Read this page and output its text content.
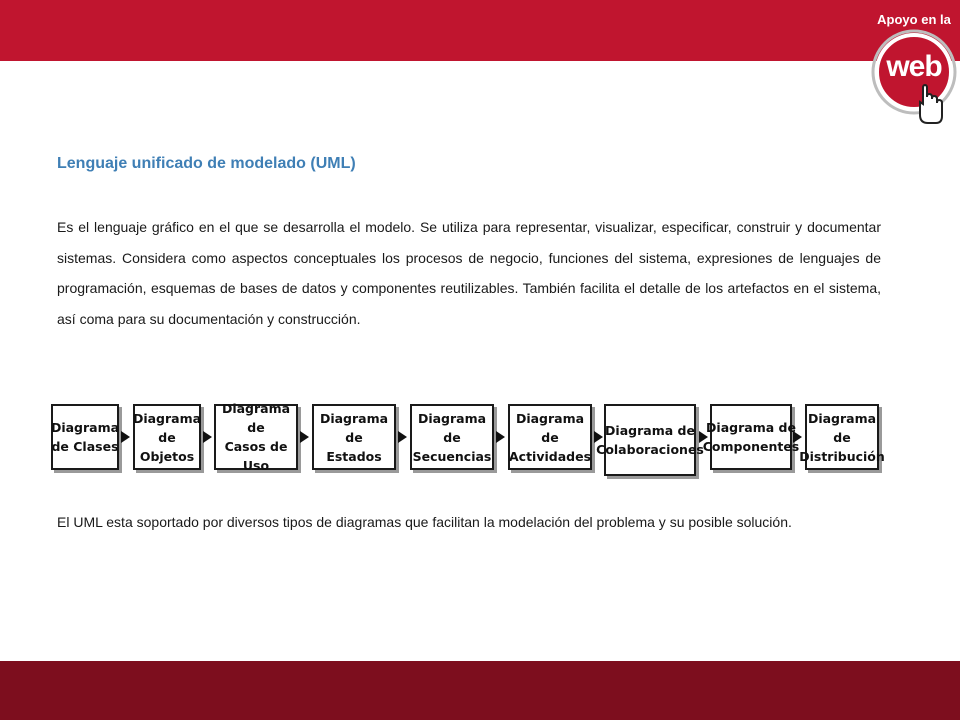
Apoyo en la
web
Lenguaje unificado de modelado (UML)

Es el lenguaje gráfico en el que se desarrolla el modelo. Se utiliza para representar, visualizar, especificar, construir y documentar sistemas. Considera como aspectos conceptuales los procesos de negocio, funciones del sistema, expresiones de lenguajes de programación, esquemas de bases de datos y componentes reutilizables. También facilita el detalle de los artefactos en el sistema, así coma para su documentación y construcción.

Diagrama
de Clases
Diagrama
de Objetos
Diagrama de
Casos de Uso
Diagrama de
Estados
Diagrama de
Secuencias
Diagrama de
Actividades
Diagrama de
Colaboraciones
Diagrama de
Componentes
Diagrama de
Distribución

El UML esta soportado por diversos tipos de diagramas que facilitan la modelación del problema y su posible solución.
